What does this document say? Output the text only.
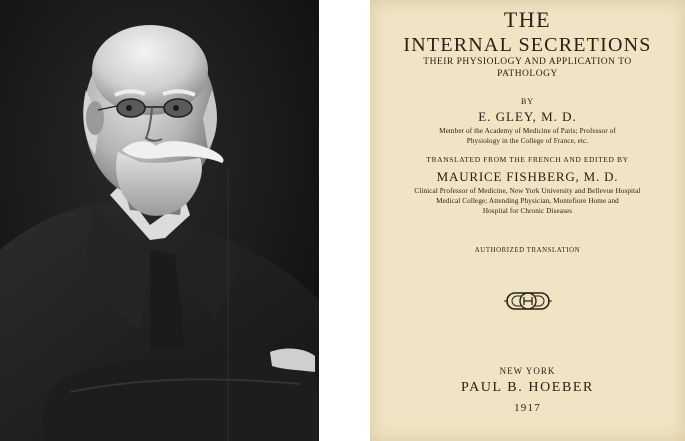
THE
INTERNAL SECRETIONS
THEIR PHYSIOLOGY AND APPLICATION TO
PATHOLOGY
BY
E. GLEY, M. D.
Member of the Academy of Medicine of Paris; Professor of
Physiology in the College of France, etc.
TRANSLATED FROM THE FRENCH AND EDITED BY
MAURICE FISHBERG, M. D.
Clinical Professor of Medicine, New York University and Bellevue Hospital
Medical College; Attending Physician, Montefiore Home and
Hospital for Chronic Diseases
AUTHORIZED TRANSLATION
NEW YORK
PAUL B. HOEBER
1917
